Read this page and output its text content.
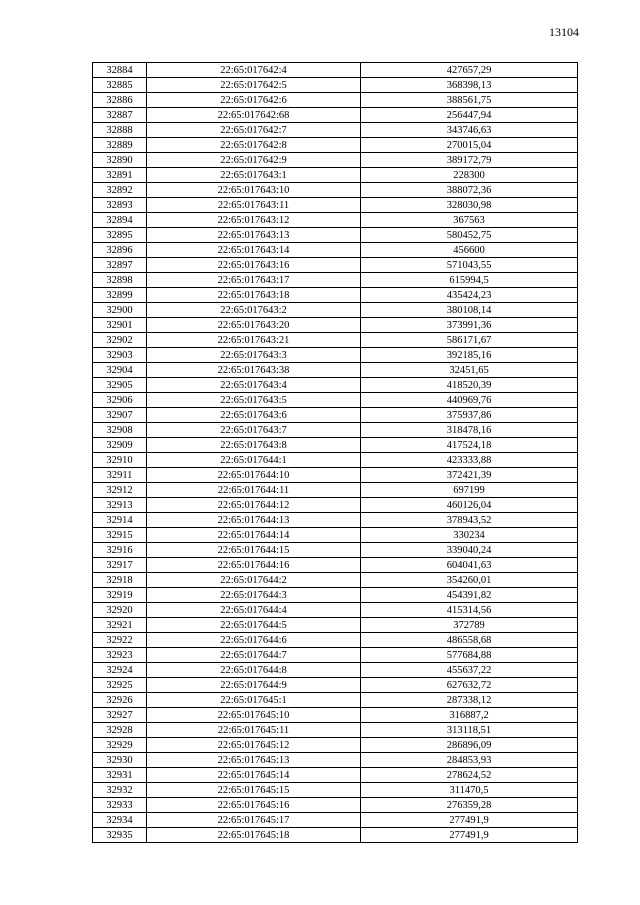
13104
32884	22:65:017642:4	427657,29
32885	22:65:017642:5	368398,13
32886	22:65:017642:6	388561,75
32887	22:65:017642:68	256447,94
32888	22:65:017642:7	343746,63
32889	22:65:017642:8	270015,04
32890	22:65:017642:9	389172,79
32891	22:65:017643:1	228300
32892	22:65:017643:10	388072,36
32893	22:65:017643:11	328030,98
32894	22:65:017643:12	367563
32895	22:65:017643:13	580452,75
32896	22:65:017643:14	456600
32897	22:65:017643:16	571043,55
32898	22:65:017643:17	615994,5
32899	22:65:017643:18	435424,23
32900	22:65:017643:2	380108,14
32901	22:65:017643:20	373991,36
32902	22:65:017643:21	586171,67
32903	22:65:017643:3	392185,16
32904	22:65:017643:38	32451,65
32905	22:65:017643:4	418520,39
32906	22:65:017643:5	440969,76
32907	22:65:017643:6	375937,86
32908	22:65:017643:7	318478,16
32909	22:65:017643:8	417524,18
32910	22:65:017644:1	423333,88
32911	22:65:017644:10	372421,39
32912	22:65:017644:11	697199
32913	22:65:017644:12	460126,04
32914	22:65:017644:13	378943,52
32915	22:65:017644:14	330234
32916	22:65:017644:15	339040,24
32917	22:65:017644:16	604041,63
32918	22:65:017644:2	354260,01
32919	22:65:017644:3	454391,82
32920	22:65:017644:4	415314,56
32921	22:65:017644:5	372789
32922	22:65:017644:6	486558,68
32923	22:65:017644:7	577684,88
32924	22:65:017644:8	455637,22
32925	22:65:017644:9	627632,72
32926	22:65:017645:1	287338,12
32927	22:65:017645:10	316887,2
32928	22:65:017645:11	313118,51
32929	22:65:017645:12	286896,09
32930	22:65:017645:13	284853,93
32931	22:65:017645:14	278624,52
32932	22:65:017645:15	311470,5
32933	22:65:017645:16	276359,28
32934	22:65:017645:17	277491,9
32935	22:65:017645:18	277491,9
